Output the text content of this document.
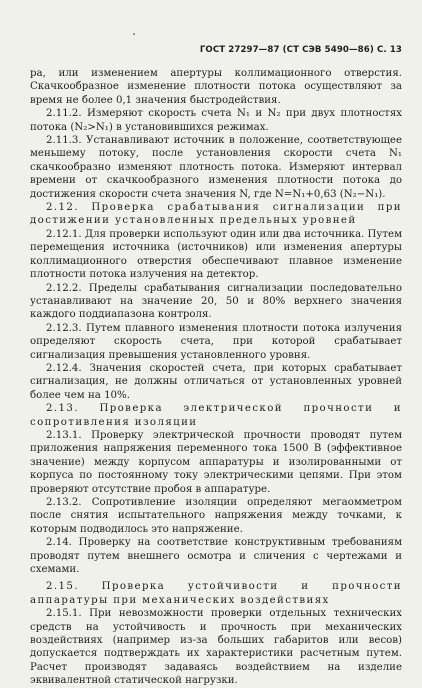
ГОСТ 27297—87 (СТ СЭВ 5490—86) С. 13

ра, или изменением апертуры коллимационного отверстия. Скачкообразное изменение плотности потока осуществляют за время не более 0,1 значения быстродействия.

2.11.2. Измеряют скорость счета N₁ и N₂ при двух плотностях потока (N₂>N₁) в установившихся режимах.

2.11.3. Устанавливают источник в положение, соответствующее меньшему потоку, после установления скорости счета N₁ скачкообразно изменяют плотность потока. Измеряют интервал времени от скачкообразного изменения плотности потока до достижения скорости счета значения N, где N=N₁+0,63 (N₂−N₁).

2.12. Проверка срабатывания сигнализации при достижении установленных предельных уровней

2.12.1. Для проверки используют один или два источника. Путем перемещения источника (источников) или изменения апертуры коллимационного отверстия обеспечивают плавное изменение плотности потока излучения на детектор.

2.12.2. Пределы срабатывания сигнализации последовательно устанавливают на значение 20, 50 и 80% верхнего значения каждого поддиапазона контроля.

2.12.3. Путем плавного изменения плотности потока излучения определяют скорость счета, при которой срабатывает сигнализация превышения установленного уровня.

2.12.4. Значения скоростей счета, при которых срабатывает сигнализация, не должны отличаться от установленных уровней более чем на 10%.

2.13. Проверка электрической прочности и сопротивления изоляции

2.13.1. Проверку электрической прочности проводят путем приложения напряжения переменного тока 1500 В (эффективное значение) между корпусом аппаратуры и изолированными от корпуса по постоянному току электрическими цепями. При этом проверяют отсутствие пробоя в аппаратуре.

2.13.2. Сопротивление изоляции определяют мегаомметром после снятия испытательного напряжения между точками, к которым подводилось это напряжение.

2.14. Проверку на соответствие конструктивным требованиям проводят путем внешнего осмотра и сличения с чертежами и схемами.

2.15. Проверка устойчивости и прочности аппаратуры при механических воздействиях

2.15.1. При невозможности проверки отдельных технических средств на устойчивость и прочность при механических воздействиях (например из-за больших габаритов или весов) допускается подтверждать их характеристики расчетным путем. Расчет производят задаваясь воздействием на изделие эквивалентной статической нагрузки.
